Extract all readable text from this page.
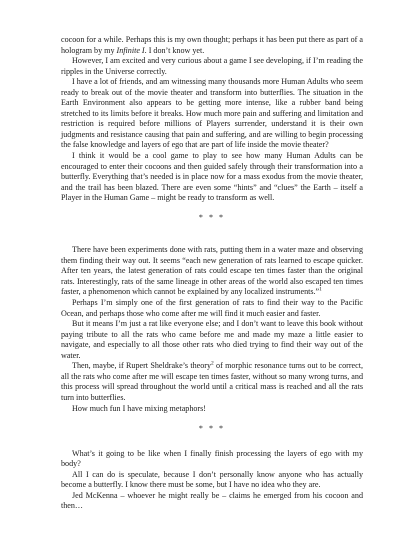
cocoon for a while. Perhaps this is my own thought; perhaps it has been put there as part of a hologram by my Infinite I. I don’t know yet.

However, I am excited and very curious about a game I see developing, if I’m reading the ripples in the Universe correctly.

I have a lot of friends, and am witnessing many thousands more Human Adults who seem ready to break out of the movie theater and transform into butterflies. The situation in the Earth Environment also appears to be getting more intense, like a rubber band being stretched to its limits before it breaks. How much more pain and suffering and limitation and restriction is required before millions of Players surrender, understand it is their own judgments and resistance causing that pain and suffering, and are willing to begin processing the false knowledge and layers of ego that are part of life inside the movie theater?

I think it would be a cool game to play to see how many Human Adults can be encouraged to enter their cocoons and then guided safely through their transformation into a butterfly. Everything that’s needed is in place now for a mass exodus from the movie theater, and the trail has been blazed. There are even some “hints” and “clues” the Earth – itself a Player in the Human Game – might be ready to transform as well.

* * *

There have been experiments done with rats, putting them in a water maze and observing them finding their way out. It seems “each new generation of rats learned to escape quicker. After ten years, the latest generation of rats could escape ten times faster than the original rats. Interestingly, rats of the same lineage in other areas of the world also escaped ten times faster, a phenomenon which cannot be explained by any localized instruments.”$^1$

Perhaps I’m simply one of the first generation of rats to find their way to the Pacific Ocean, and perhaps those who come after me will find it much easier and faster.

But it means I’m just a rat like everyone else; and I don’t want to leave this book without paying tribute to all the rats who came before me and made my maze a little easier to navigate, and especially to all those other rats who died trying to find their way out of the water.

Then, maybe, if Rupert Sheldrake’s theory$^2$ of morphic resonance turns out to be correct, all the rats who come after me will escape ten times faster, without so many wrong turns, and this process will spread throughout the world until a critical mass is reached and all the rats turn into butterflies.

How much fun I have mixing metaphors!

* * *

What’s it going to be like when I finally finish processing the layers of ego with my body?

All I can do is speculate, because I don’t personally know anyone who has actually become a butterfly. I know there must be some, but I have no idea who they are.

Jed McKenna – whoever he might really be – claims he emerged from his cocoon and then…
